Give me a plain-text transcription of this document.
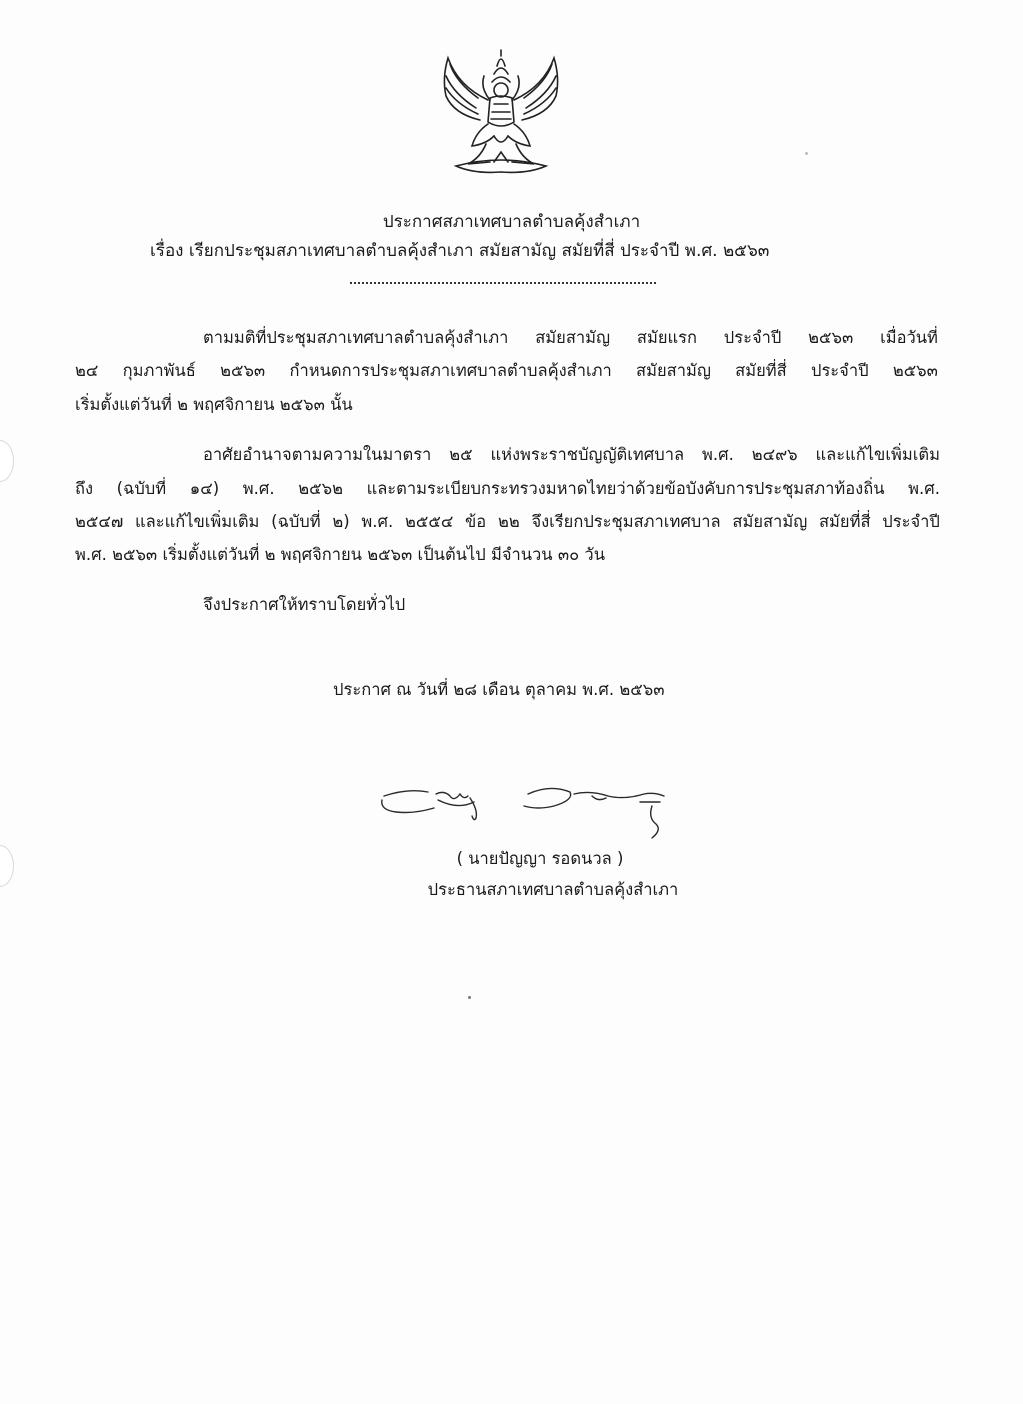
ประกาศสภาเทศบาลตำบลคุ้งสำเภา
เรื่อง เรียกประชุมสภาเทศบาลตำบลคุ้งสำเภา สมัยสามัญ สมัยที่สี่ ประจำปี พ.ศ. ๒๕๖๓
ตามมติที่ประชุมสภาเทศบาลตำบลคุ้งสำเภา สมัยสามัญ สมัยแรก ประจำปี ๒๕๖๓ เมื่อวันที่
๒๔ กุมภาพันธ์ ๒๕๖๓ กำหนดการประชุมสภาเทศบาลตำบลคุ้งสำเภา สมัยสามัญ สมัยที่สี่ ประจำปี ๒๕๖๓
เริ่มตั้งแต่วันที่ ๒ พฤศจิกายน ๒๕๖๓ นั้น
อาศัยอำนาจตามความในมาตรา ๒๕ แห่งพระราชบัญญัติเทศบาล พ.ศ. ๒๔๙๖ และแก้ไขเพิ่มเติม
ถึง (ฉบับที่ ๑๔) พ.ศ. ๒๕๖๒ และตามระเบียบกระทรวงมหาดไทยว่าด้วยข้อบังคับการประชุมสภาท้องถิ่น พ.ศ.
๒๕๔๗ และแก้ไขเพิ่มเติม (ฉบับที่ ๒) พ.ศ. ๒๕๕๔ ข้อ ๒๒ จึงเรียกประชุมสภาเทศบาล สมัยสามัญ สมัยที่สี่ ประจำปี
พ.ศ. ๒๕๖๓ เริ่มตั้งแต่วันที่ ๒ พฤศจิกายน ๒๕๖๓ เป็นต้นไป มีจำนวน ๓๐ วัน
จึงประกาศให้ทราบโดยทั่วไป
ประกาศ ณ วันที่ ๒๘ เดือน ตุลาคม พ.ศ. ๒๕๖๓
( นายปัญญา รอดนวล )
ประธานสภาเทศบาลตำบลคุ้งสำเภา
